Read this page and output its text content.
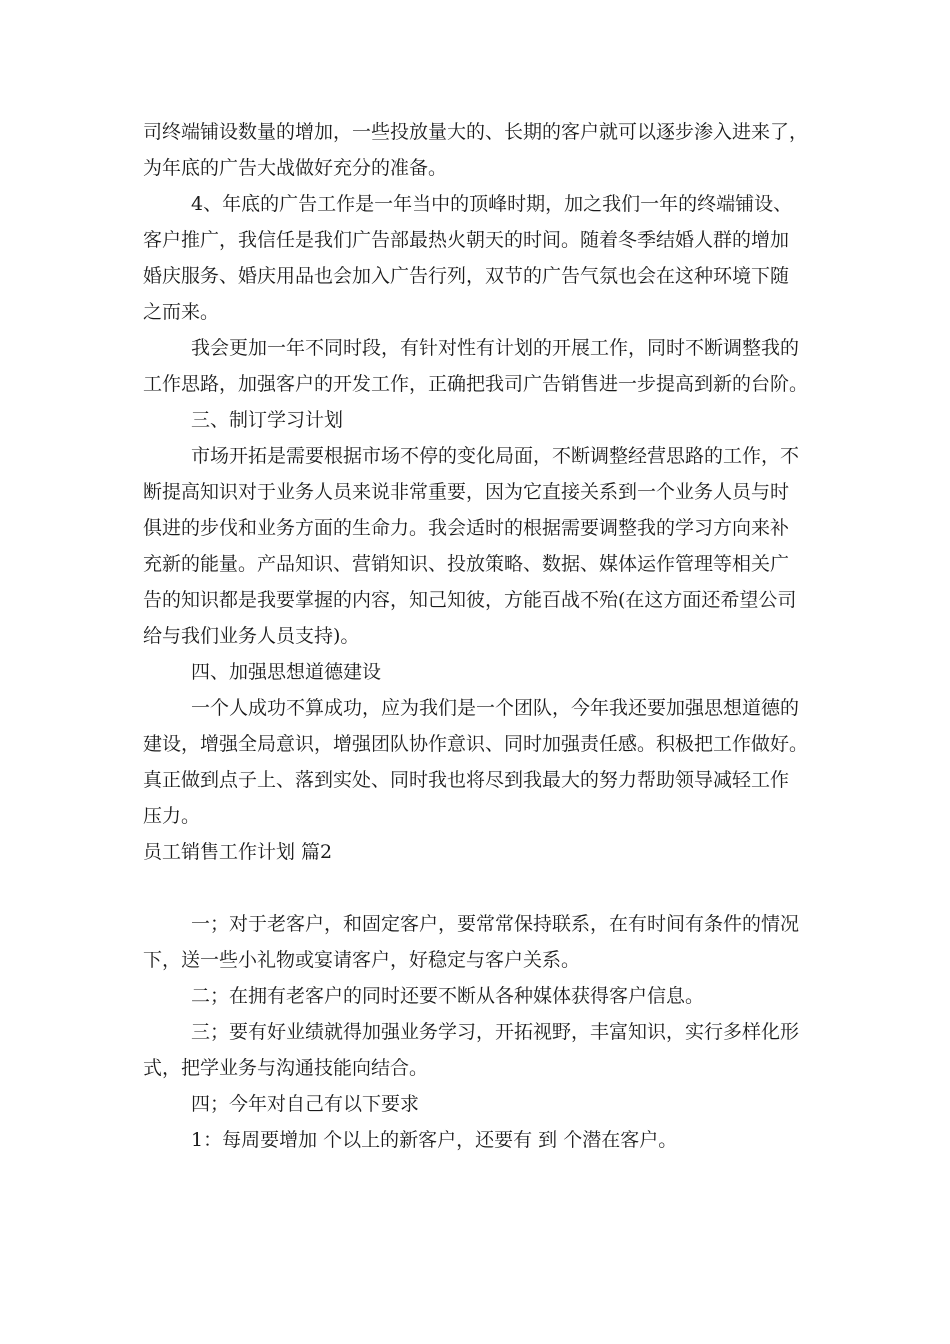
司终端铺设数量的增加，一些投放量大的、长期的客户就可以逐步渗入进来了，
为年底的广告大战做好充分的准备。
4、年底的广告工作是一年当中的顶峰时期，加之我们一年的终端铺设、
客户推广，我信任是我们广告部最热火朝天的时间。随着冬季结婚人群的增加
婚庆服务、婚庆用品也会加入广告行列，双节的广告气氛也会在这种环境下随
之而来。
我会更加一年不同时段，有针对性有计划的开展工作，同时不断调整我的
工作思路，加强客户的开发工作，正确把我司广告销售进一步提高到新的台阶。
三、制订学习计划
市场开拓是需要根据市场不停的变化局面，不断调整经营思路的工作，不
断提高知识对于业务人员来说非常重要，因为它直接关系到一个业务人员与时
俱进的步伐和业务方面的生命力。我会适时的根据需要调整我的学习方向来补
充新的能量。产品知识、营销知识、投放策略、数据、媒体运作管理等相关广
告的知识都是我要掌握的内容，知己知彼，方能百战不殆(在这方面还希望公司
给与我们业务人员支持)。
四、加强思想道德建设
一个人成功不算成功，应为我们是一个团队，今年我还要加强思想道德的
建设，增强全局意识，增强团队协作意识、同时加强责任感。积极把工作做好。
真正做到点子上、落到实处、同时我也将尽到我最大的努力帮助领导减轻工作
压力。
员工销售工作计划 篇2
一；对于老客户，和固定客户，要常常保持联系，在有时间有条件的情况
下，送一些小礼物或宴请客户，好稳定与客户关系。
二；在拥有老客户的同时还要不断从各种媒体获得客户信息。
三；要有好业绩就得加强业务学习，开拓视野，丰富知识，实行多样化形
式，把学业务与沟通技能向结合。
四；今年对自己有以下要求
1：每周要增加 个以上的新客户，还要有 到 个潜在客户。
